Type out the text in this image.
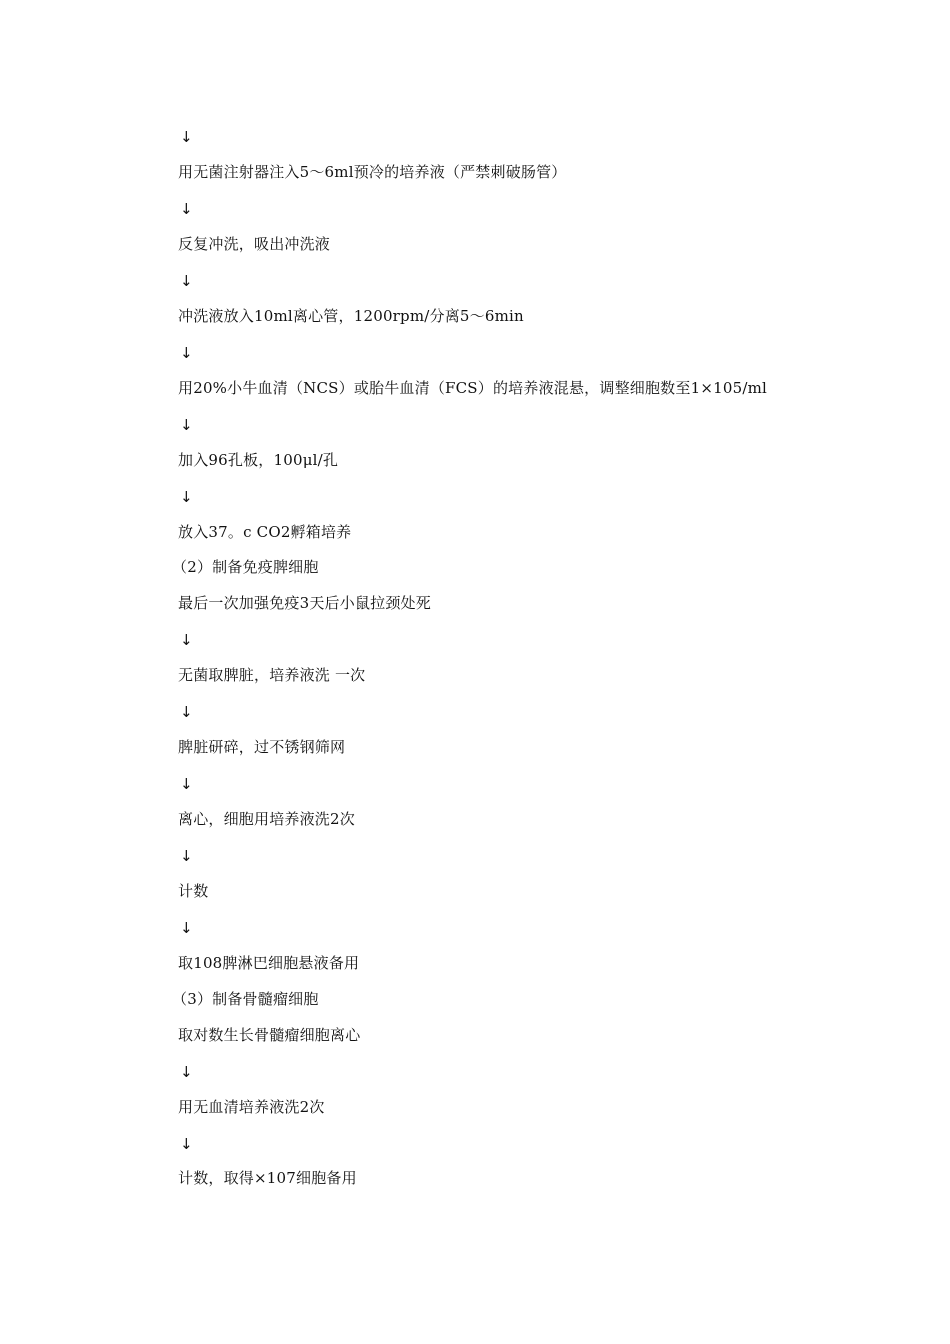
↓
用无菌注射器注入5～6ml预冷的培养液（严禁刺破肠管）
↓
反复冲洗，吸出冲洗液
↓
冲洗液放入10ml离心管，1200rpm/分离5～6min
↓
用20%小牛血清（NCS）或胎牛血清（FCS）的培养液混悬，调整细胞数至1×105/ml
↓
加入96孔板，100μl/孔
↓
放入37。c CO2孵箱培养
（2）制备免疫脾细胞
最后一次加强免疫3天后小鼠拉颈处死
↓
无菌取脾脏，培养液洗 一次
↓
脾脏研碎，过不锈钢筛网
↓
离心，细胞用培养液洗2次
↓
计数
↓
取108脾淋巴细胞悬液备用
（3）制备骨髓瘤细胞
取对数生长骨髓瘤细胞离心
↓
用无血清培养液洗2次
↓
计数，取得×107细胞备用
